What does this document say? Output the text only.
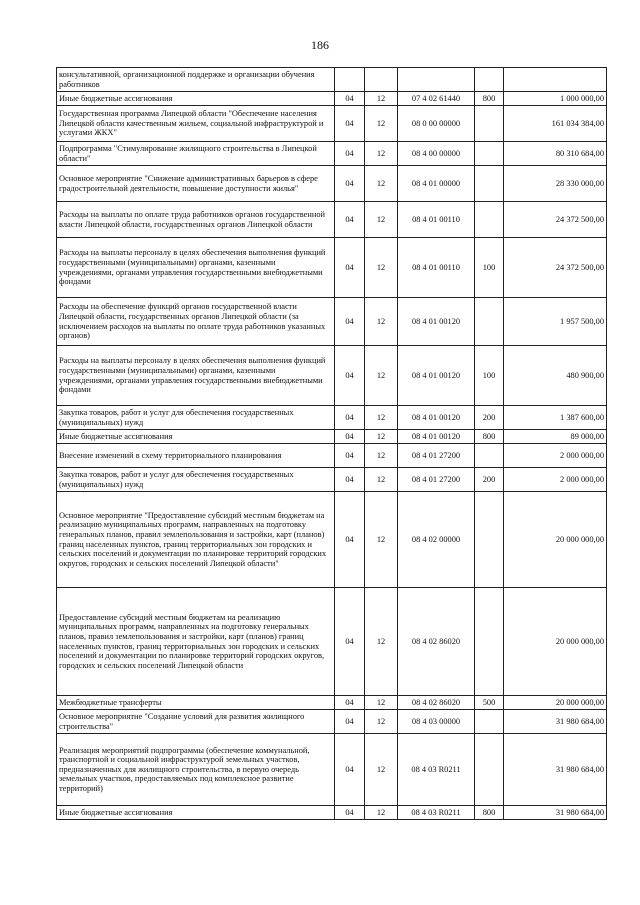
186
консультативной, организационной поддержке и организации обучения работников					
Иные бюджетные ассигнования	04	12	07 4 02 61440	800	1 000 000,00
Государственная программа Липецкой области "Обеспечение населения Липецкой области качественным жильем, социальной инфраструктурой и услугами ЖКХ"	04	12	08 0 00 00000		161 034 384,00
Подпрограмма "Стимулирование жилищного строительства в Липецкой области"	04	12	08 4 00 00000		80 310 684,00
Основное мероприятие "Снижение административных барьеров в сфере градостроительной деятельности, повышение доступности жилья"	04	12	08 4 01 00000		28 330 000,00
Расходы на выплаты по оплате труда работников органов государственной власти Липецкой области, государственных органов Липецкой области	04	12	08 4 01 00110		24 372 500,00
Расходы на выплаты персоналу в целях обеспечения выполнения функций государственными (муниципальными) органами, казенными учреждениями, органами управления государственными внебюджетными фондами	04	12	08 4 01 00110	100	24 372 500,00
Расходы на обеспечение функций органов государственной власти Липецкой области, государственных органов Липецкой области (за исключением расходов на выплаты по оплате труда работников указанных органов)	04	12	08 4 01 00120		1 957 500,00
Расходы на выплаты персоналу в целях обеспечения выполнения функций государственными (муниципальными) органами, казенными учреждениями, органами управления государственными внебюджетными фондами	04	12	08 4 01 00120	100	480 900,00
Закупка товаров, работ и услуг для обеспечения государственных (муниципальных) нужд	04	12	08 4 01 00120	200	1 387 600,00
Иные бюджетные ассигнования	04	12	08 4 01 00120	800	89 000,00
Внесение изменений в схему территориального планирования	04	12	08 4 01 27200		2 000 000,00
Закупка товаров, работ и услуг для обеспечения государственных (муниципальных) нужд	04	12	08 4 01 27200	200	2 000 000,00
Основное мероприятие "Предоставление субсидий местным бюджетам на реализацию муниципальных программ, направленных на подготовку генеральных планов, правил землепользования и застройки, карт (планов) границ населенных пунктов, границ территориальных зон городских и сельских поселений и документации по планировке территорий городских округов, городских и сельских поселений Липецкой области"	04	12	08 4 02 00000		20 000 000,00
Предоставление субсидий местным бюджетам на реализацию муниципальных программ, направленных на подготовку генеральных планов, правил землепользования и застройки, карт (планов) границ населенных пунктов, границ территориальных зон городских и сельских поселений и документации по планировке территорий городских округов, городских и сельских поселений Липецкой области	04	12	08 4 02 86020		20 000 000,00
Межбюджетные трансферты	04	12	08 4 02 86020	500	20 000 000,00
Основное мероприятие "Создание условий для развития жилищного строительства"	04	12	08 4 03 00000		31 980 684,00
Реализация мероприятий подпрограммы (обеспечение коммунальной, транспортной и социальной инфраструктурой земельных участков, предназначенных для жилищного строительства, в первую очередь земельных участков, предоставляемых под комплексное развитие территорий)	04	12	08 4 03 R0211		31 980 684,00
Иные бюджетные ассигнования	04	12	08 4 03 R0211	800	31 980 684,00
